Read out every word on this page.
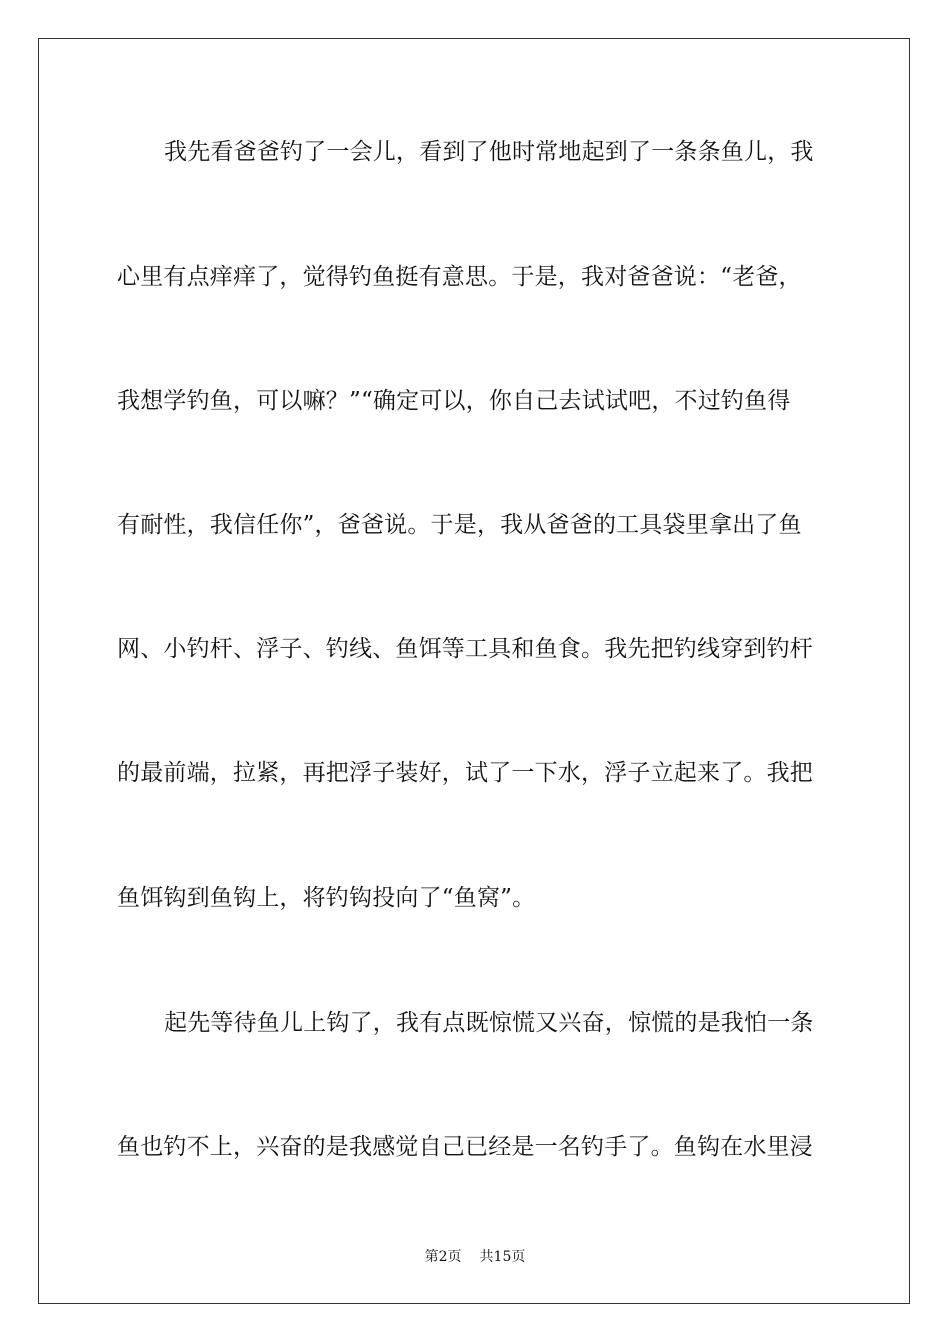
我先看爸爸钓了一会儿，看到了他时常地起到了一条条鱼儿，我
心里有点痒痒了，觉得钓鱼挺有意思。于是，我对爸爸说：“老爸，
我想学钓鱼，可以嘛？”“确定可以，你自己去试试吧，不过钓鱼得
有耐性，我信任你”，爸爸说。于是，我从爸爸的工具袋里拿出了鱼
网、小钓杆、浮子、钓线、鱼饵等工具和鱼食。我先把钓线穿到钓杆
的最前端，拉紧，再把浮子装好，试了一下水，浮子立起来了。我把
鱼饵钩到鱼钩上，将钓钩投向了“鱼窝”。
起先等待鱼儿上钩了，我有点既惊慌又兴奋，惊慌的是我怕一条
鱼也钓不上，兴奋的是我感觉自己已经是一名钓手了。鱼钩在水里浸
第2页 共15页
